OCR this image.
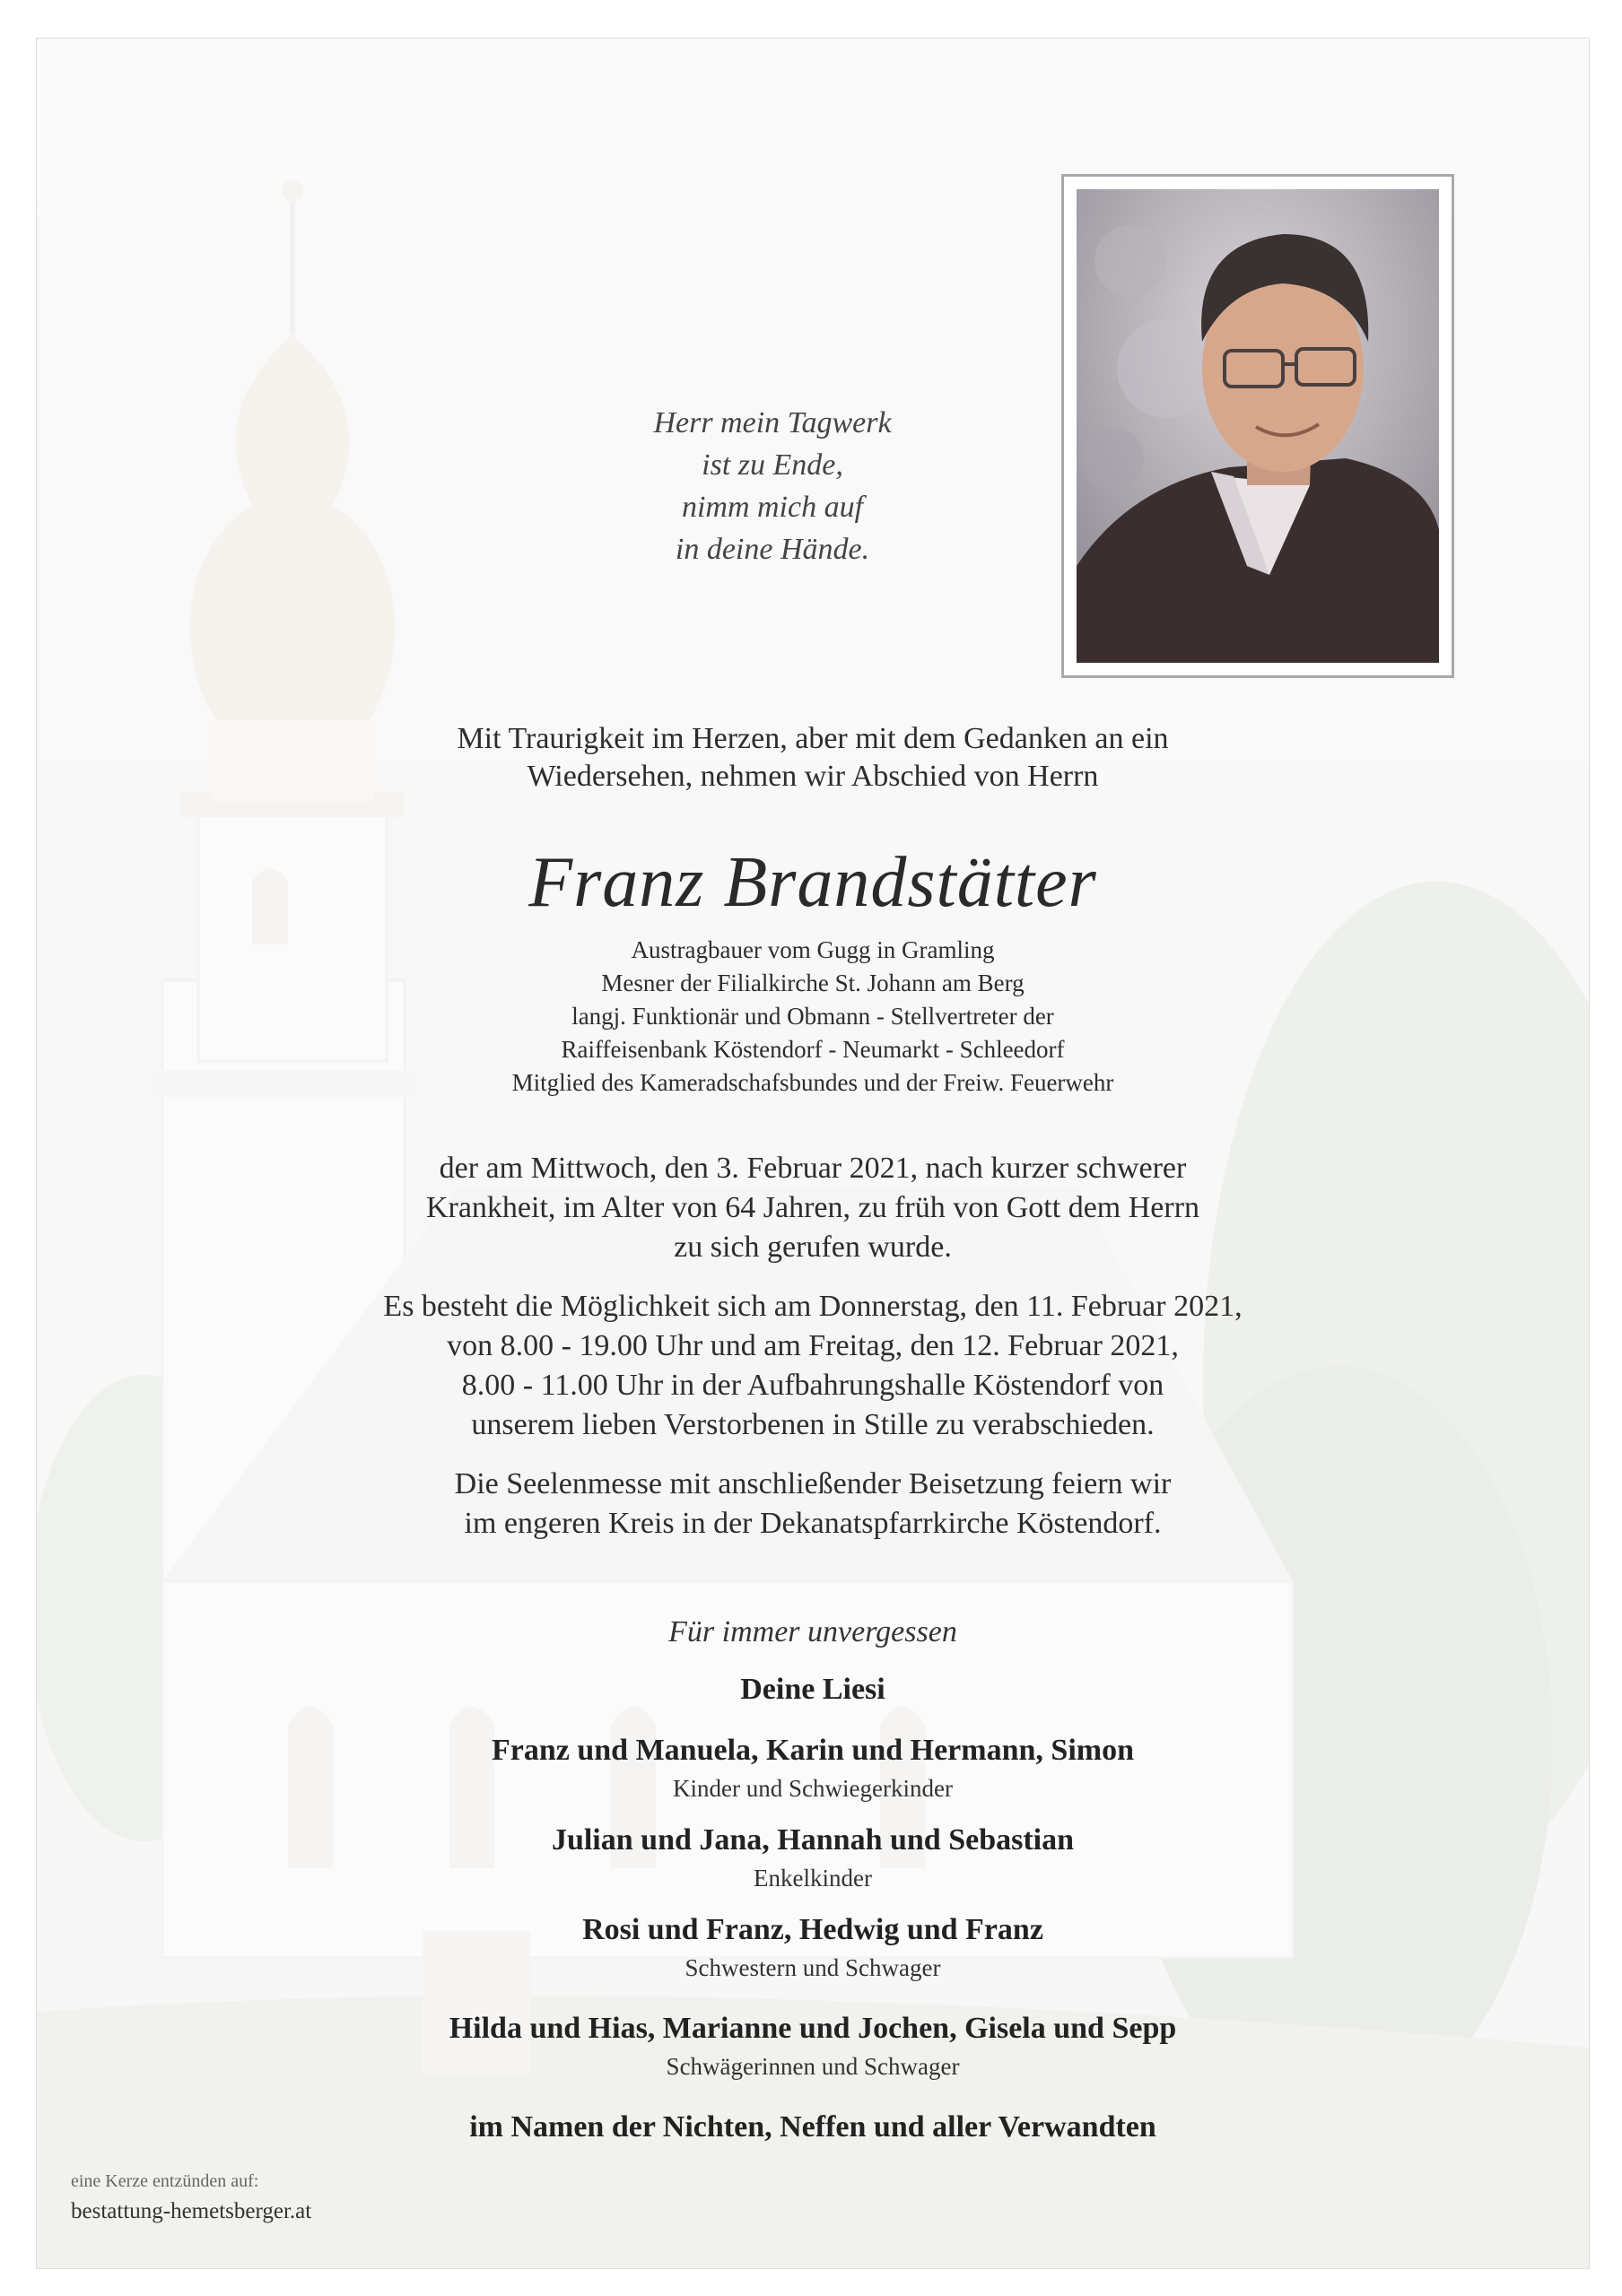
Herr mein Tagwerk
ist zu Ende,
nimm mich auf
in deine Hände.
Mit Traurigkeit im Herzen, aber mit dem Gedanken an ein
Wiedersehen, nehmen wir Abschied von Herrn
Franz Brandstätter
Austragbauer vom Gugg in Gramling
Mesner der Filialkirche St. Johann am Berg
langj. Funktionär und Obmann - Stellvertreter der
Raiffeisenbank Köstendorf - Neumarkt - Schleedorf
Mitglied des Kameradschafsbundes und der Freiw. Feuerwehr
der am Mittwoch, den 3. Februar 2021, nach kurzer schwerer
Krankheit, im Alter von 64 Jahren, zu früh von Gott dem Herrn
zu sich gerufen wurde.
Es besteht die Möglichkeit sich am Donnerstag, den 11. Februar 2021,
von 8.00 - 19.00 Uhr und am Freitag, den 12. Februar 2021,
8.00 - 11.00 Uhr in der Aufbahrungshalle Köstendorf von
unserem lieben Verstorbenen in Stille zu verabschieden.
Die Seelenmesse mit anschließender Beisetzung feiern wir
im engeren Kreis in der Dekanatspfarrkirche Köstendorf.
Für immer unvergessen
Deine Liesi
Franz und Manuela, Karin und Hermann, Simon
Kinder und Schwiegerkinder
Julian und Jana, Hannah und Sebastian
Enkelkinder
Rosi und Franz, Hedwig und Franz
Schwestern und Schwager
Hilda und Hias, Marianne und Jochen, Gisela und Sepp
Schwägerinnen und Schwager
im Namen der Nichten, Neffen und aller Verwandten
eine Kerze entzünden auf:
bestattung-hemetsberger.at
